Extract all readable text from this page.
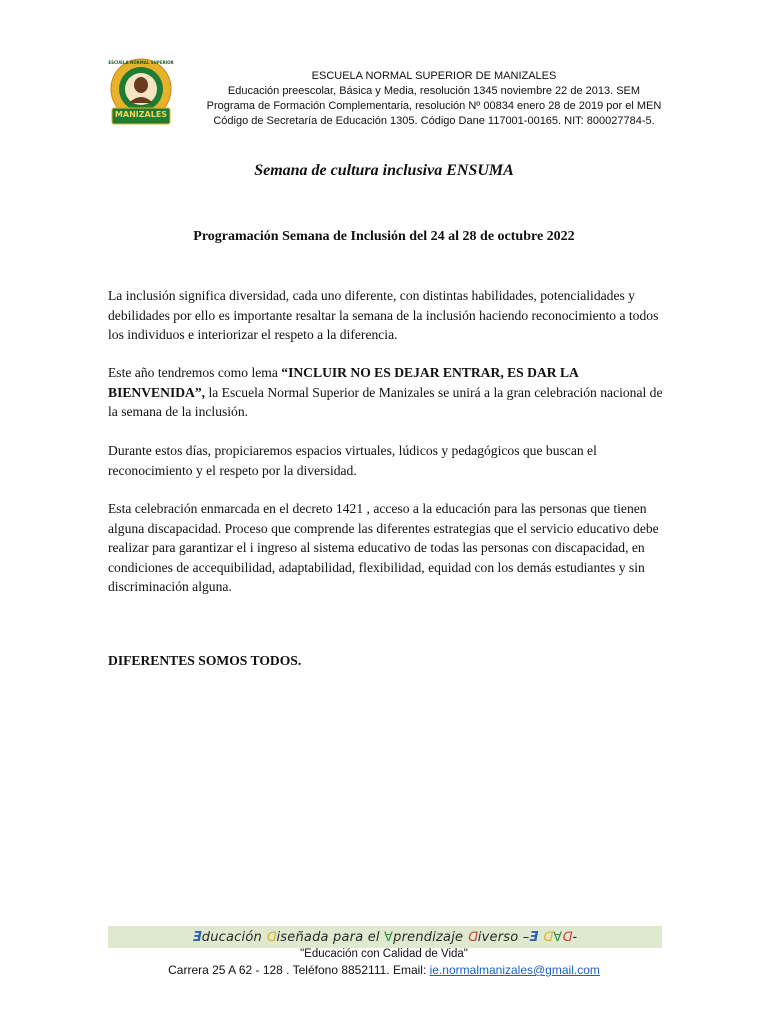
ESCUELA NORMAL SUPERIOR
MANIZALES
ESCUELA NORMAL SUPERIOR DE MANIZALES
Educación preescolar, Básica y Media, resolución 1345 noviembre 22 de 2013. SEM
Programa de Formación Complementaria, resolución Nº 00834 enero 28 de 2019 por el MEN
Código de Secretaría de Educación 1305. Código Dane 117001-00165. NIT: 800027784-5.
Semana de cultura inclusiva ENSUMA
Programación Semana de Inclusión del 24 al 28 de octubre 2022
La inclusión significa diversidad, cada uno diferente, con distintas habilidades, potencialidades y debilidades por ello es importante resaltar la semana de la inclusión haciendo reconocimiento a todos los individuos e interiorizar el respeto a la diferencia.
Este año tendremos como lema “INCLUIR NO ES DEJAR ENTRAR, ES DAR LA BIENVENIDA”, la Escuela Normal Superior de Manizales se unirá a la gran celebración nacional de la semana de la inclusión.
Durante estos días, propiciaremos espacios virtuales, lúdicos y pedagógicos que buscan el reconocimiento y el respeto por la diversidad.
Esta celebración enmarcada en el decreto 1421 , acceso a la educación para las personas que tienen alguna discapacidad. Proceso que comprende las diferentes estrategias que el servicio educativo debe realizar para garantizar el i ingreso al sistema educativo de todas las personas con discapacidad, en condiciones de accequibilidad, adaptabilidad, flexibilidad, equidad con los demás estudiantes y sin discriminación alguna.
DIFERENTES SOMOS TODOS.
Ǝducación ᗡiseñada para el ∀prendizaje ᗡiverso –Ǝ ᗡ∀ᗡ-
"Educación con Calidad de Vida"
Carrera 25 A 62 - 128 . Teléfono 8852111. Email: ie.normalmanizales@gmail.com
